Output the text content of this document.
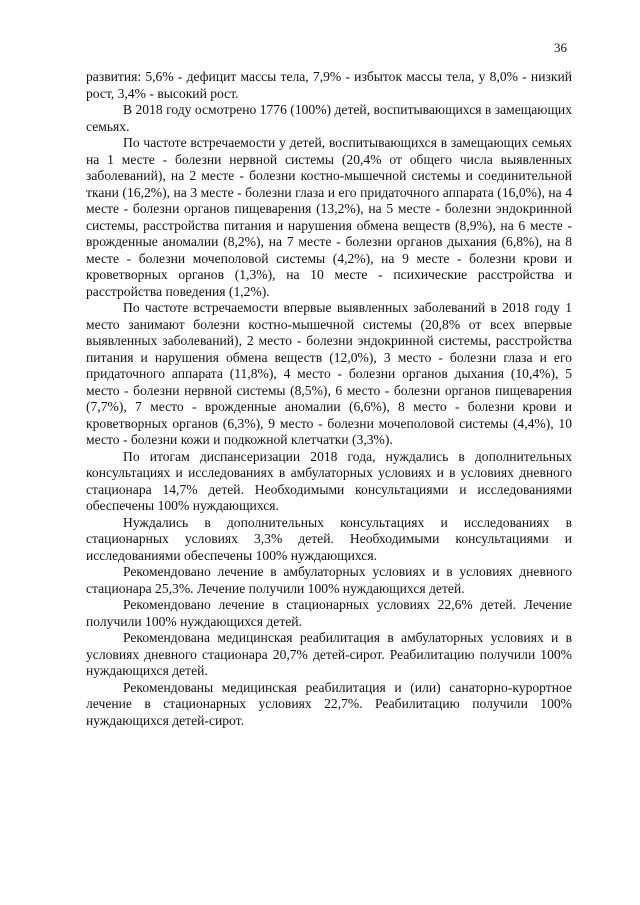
36

развития: 5,6% - дефицит массы тела, 7,9% - избыток массы тела, у 8,0% - низкий рост, 3,4% - высокий рост.

В 2018 году осмотрено 1776 (100%) детей, воспитывающихся в замещающих семьях.

По частоте встречаемости у детей, воспитывающихся в замещающих семьях на 1 месте - болезни нервной системы (20,4% от общего числа выявленных заболеваний), на 2 месте - болезни костно-мышечной системы и соединительной ткани (16,2%), на 3 месте - болезни глаза и его придаточного аппарата (16,0%), на 4 месте - болезни органов пищеварения (13,2%), на 5 месте - болезни эндокринной системы, расстройства питания и нарушения обмена веществ (8,9%), на 6 месте - врожденные аномалии (8,2%), на 7 месте - болезни органов дыхания (6,8%), на 8 месте - болезни мочеполовой системы (4,2%), на 9 месте - болезни крови и кроветворных органов (1,3%), на 10 месте - психические расстройства и расстройства поведения (1,2%).

По частоте встречаемости впервые выявленных заболеваний в 2018 году 1 место занимают болезни костно-мышечной системы (20,8% от всех впервые выявленных заболеваний), 2 место - болезни эндокринной системы, расстройства питания и нарушения обмена веществ (12,0%), 3 место - болезни глаза и его придаточного аппарата (11,8%), 4 место - болезни органов дыхания (10,4%), 5 место - болезни нервной системы (8,5%), 6 место - болезни органов пищеварения (7,7%), 7 место - врожденные аномалии (6,6%), 8 место - болезни крови и кроветворных органов (6,3%), 9 место - болезни мочеполовой системы (4,4%), 10 место - болезни кожи и подкожной клетчатки (3,3%).

По итогам диспансеризации 2018 года, нуждались в дополнительных консультациях и исследованиях в амбулаторных условиях и в условиях дневного стационара 14,7% детей. Необходимыми консультациями и исследованиями обеспечены 100% нуждающихся.

Нуждались в дополнительных консультациях и исследованиях в стационарных условиях 3,3% детей. Необходимыми консультациями и исследованиями обеспечены 100% нуждающихся.

Рекомендовано лечение в амбулаторных условиях и в условиях дневного стационара 25,3%. Лечение получили 100% нуждающихся детей.

Рекомендовано лечение в стационарных условиях 22,6% детей. Лечение получили 100% нуждающихся детей.

Рекомендована медицинская реабилитация в амбулаторных условиях и в условиях дневного стационара 20,7% детей-сирот. Реабилитацию получили 100% нуждающихся детей.

Рекомендованы медицинская реабилитация и (или) санаторно-курортное лечение в стационарных условиях 22,7%. Реабилитацию получили 100% нуждающихся детей-сирот.
